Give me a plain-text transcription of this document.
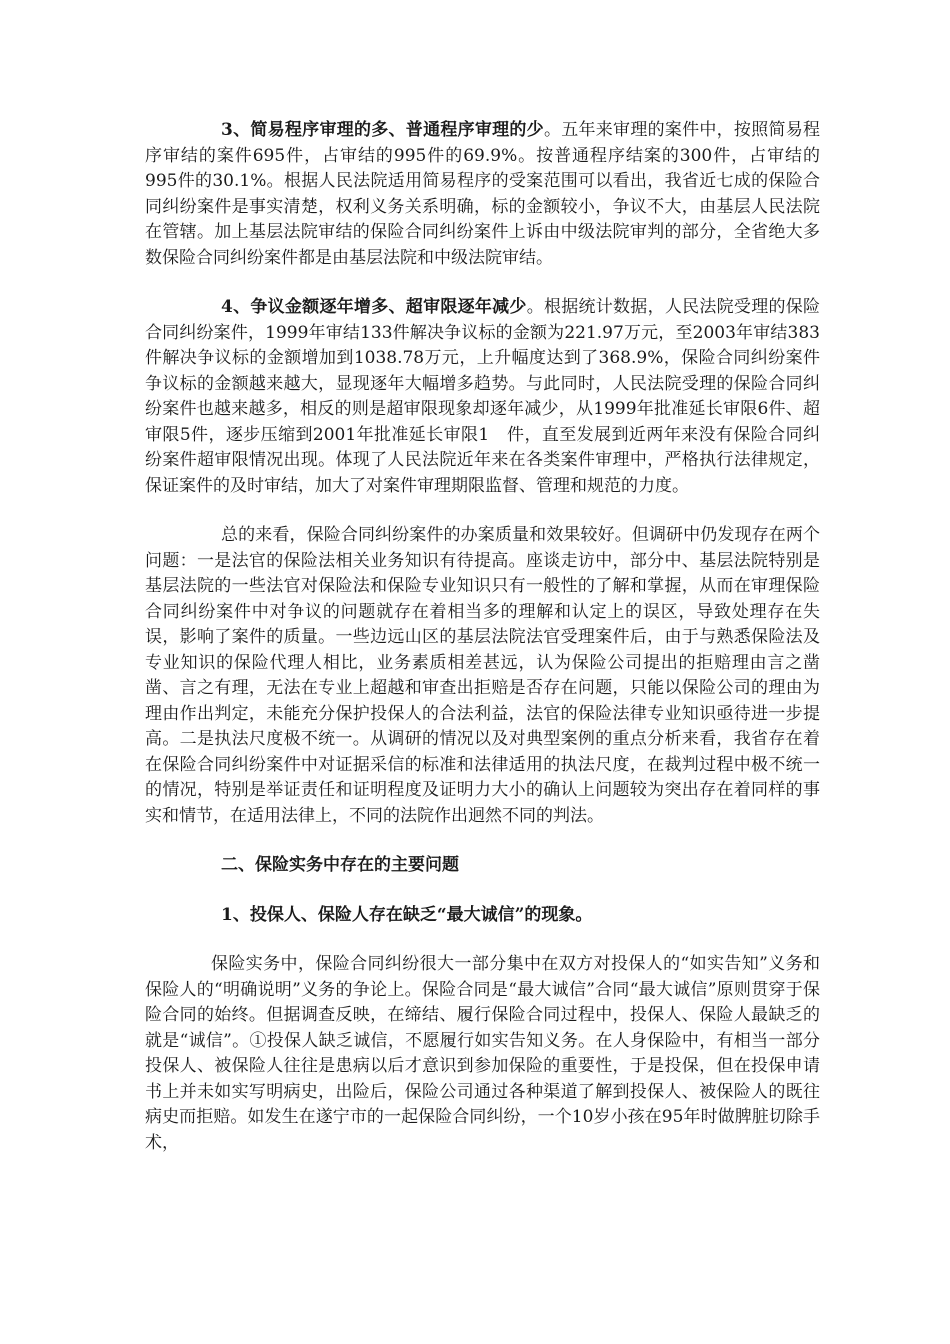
3、简易程序审理的多、普通程序审理的少。五年来审理的案件中，按照简易程序审结的案件695件，占审结的995件的69.9%。按普通程序结案的300件，占审结的995件的30.1%。根据人民法院适用简易程序的受案范围可以看出，我省近七成的保险合同纠纷案件是事实清楚，权利义务关系明确，标的金额较小，争议不大，由基层人民法院在管辖。加上基层法院审结的保险合同纠纷案件上诉由中级法院审判的部分，全省绝大多数保险合同纠纷案件都是由基层法院和中级法院审结。

4、争议金额逐年增多、超审限逐年减少。根据统计数据，人民法院受理的保险合同纠纷案件，1999年审结133件解决争议标的金额为221.97万元，至2003年审结383件解决争议标的金额增加到1038.78万元，上升幅度达到了368.9%，保险合同纠纷案件争议标的金额越来越大，显现逐年大幅增多趋势。与此同时，人民法院受理的保险合同纠纷案件也越来越多，相反的则是超审限现象却逐年减少，从1999年批准延长审限6件、超审限5件，逐步压缩到2001年批准延长审限1　件，直至发展到近两年来没有保险合同纠纷案件超审限情况出现。体现了人民法院近年来在各类案件审理中，严格执行法律规定，保证案件的及时审结，加大了对案件审理期限监督、管理和规范的力度。

总的来看，保险合同纠纷案件的办案质量和效果较好。但调研中仍发现存在两个问题：一是法官的保险法相关业务知识有待提高。座谈走访中，部分中、基层法院特别是基层法院的一些法官对保险法和保险专业知识只有一般性的了解和掌握，从而在审理保险合同纠纷案件中对争议的问题就存在着相当多的理解和认定上的误区，导致处理存在失误，影响了案件的质量。一些边远山区的基层法院法官受理案件后，由于与熟悉保险法及专业知识的保险代理人相比，业务素质相差甚远，认为保险公司提出的拒赔理由言之凿凿、言之有理，无法在专业上超越和审查出拒赔是否存在问题，只能以保险公司的理由为理由作出判定，未能充分保护投保人的合法利益，法官的保险法律专业知识亟待进一步提高。二是执法尺度极不统一。从调研的情况以及对典型案例的重点分析来看，我省存在着在保险合同纠纷案件中对证据采信的标准和法律适用的执法尺度，在裁判过程中极不统一的情况，特别是举证责任和证明程度及证明力大小的确认上问题较为突出存在着同样的事实和情节，在适用法律上，不同的法院作出迥然不同的判法。

二、保险实务中存在的主要问题

1、投保人、保险人存在缺乏“最大诚信”的现象。

保险实务中，保险合同纠纷很大一部分集中在双方对投保人的“如实告知”义务和保险人的“明确说明”义务的争论上。保险合同是“最大诚信”合同“最大诚信”原则贯穿于保险合同的始终。但据调查反映，在缔结、履行保险合同过程中，投保人、保险人最缺乏的就是“诚信”。①投保人缺乏诚信，不愿履行如实告知义务。在人身保险中，有相当一部分投保人、被保险人往往是患病以后才意识到参加保险的重要性，于是投保，但在投保申请书上并未如实写明病史，出险后，保险公司通过各种渠道了解到投保人、被保险人的既往病史而拒赔。如发生在遂宁市的一起保险合同纠纷，一个10岁小孩在95年时做脾脏切除手术，
